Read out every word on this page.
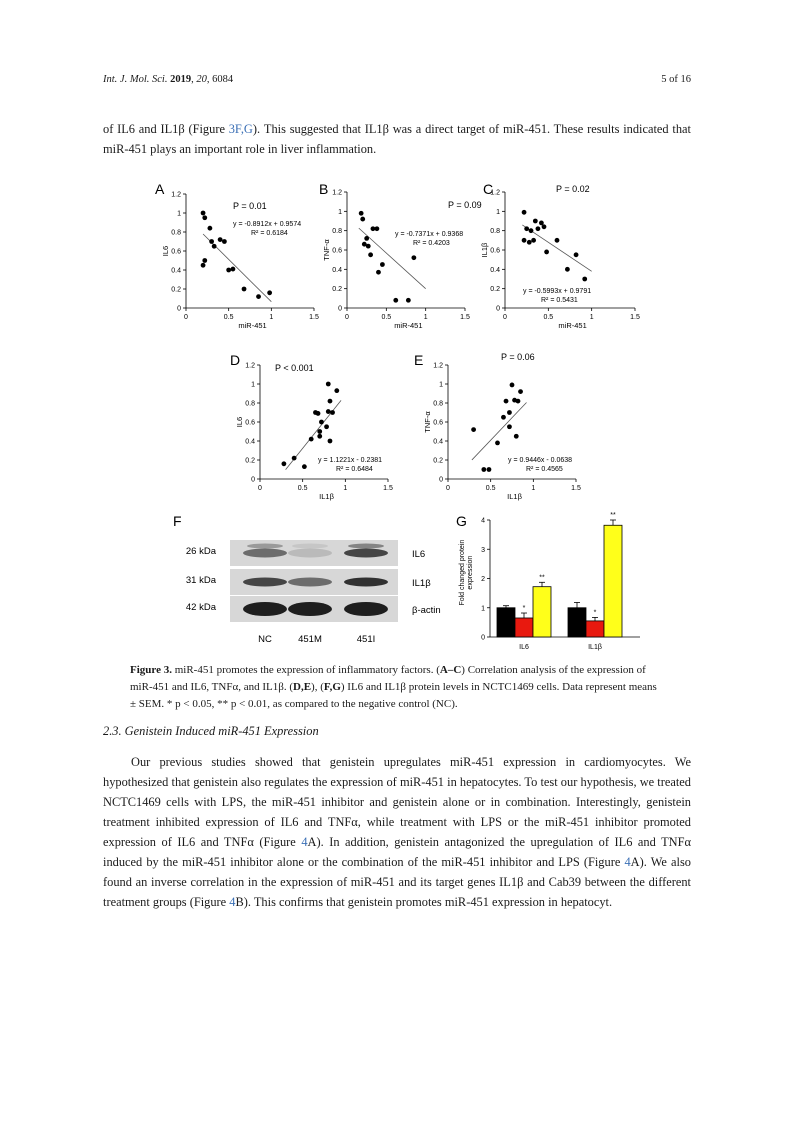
Int. J. Mol. Sci. 2019, 20, 6084	5 of 16
of IL6 and IL1β (Figure 3F,G). This suggested that IL1β was a direct target of miR-451. These results indicated that miR-451 plays an important role in liver inflammation.
A
0
0.2
0.4
0.6
0.8
1
1.2
0	0.5	1	1.5
miR-451
IL6
P = 0.01
y = -0.8912x + 0.9574
R² = 0.6184
B
0
0.2
0.4
0.6
0.8
1
1.2
0	0.5	1	1.5
miR-451
TNF-α
P = 0.09
y = -0.7371x + 0.9368
R² = 0.4203
C
0
0.2
0.4
0.6
0.8
1
1.2
0	0.5	1	1.5
miR-451
IL1β
P = 0.02
y = -0.5993x + 0.9791
R² = 0.5431
D
0
0.2
0.4
0.6
0.8
1
1.2
0	0.5	1	1.5
IL1β
IL6
P < 0.001
y = 1.1221x - 0.2381
R² = 0.6484
E
0
0.2
0.4
0.6
0.8
1
1.2
0	0.5	1	1.5
IL1β
TNF-α
P = 0.06
y = 0.9446x - 0.0638
R² = 0.4565
F
26 kDa
31 kDa
42 kDa
IL6
IL1β
β-actin
NC	451M	451I
G
0
1
2
3
4
Fold changed protein expression
*
**
IL6
*
**
IL1β
Figure 3. miR-451 promotes the expression of inflammatory factors. (A–C) Correlation analysis of the expression of miR-451 and IL6, TNFα, and IL1β. (D,E), (F,G) IL6 and IL1β protein levels in NCTC1469 cells. Data represent means ± SEM. * p < 0.05, ** p < 0.01, as compared to the negative control (NC).
2.3. Genistein Induced miR-451 Expression
Our previous studies showed that genistein upregulates miR-451 expression in cardiomyocytes. We hypothesized that genistein also regulates the expression of miR-451 in hepatocytes. To test our hypothesis, we treated NCTC1469 cells with LPS, the miR-451 inhibitor and genistein alone or in combination. Interestingly, genistein treatment inhibited expression of IL6 and TNFα, while treatment with LPS or the miR-451 inhibitor promoted expression of IL6 and TNFα (Figure 4A). In addition, genistein antagonized the upregulation of IL6 and TNFα induced by the miR-451 inhibitor alone or the combination of the miR-451 inhibitor and LPS (Figure 4A). We also found an inverse correlation in the expression of miR-451 and its target genes IL1β and Cab39 between the different treatment groups (Figure 4B). This confirms that genistein promotes miR-451 expression in hepatocyt.
